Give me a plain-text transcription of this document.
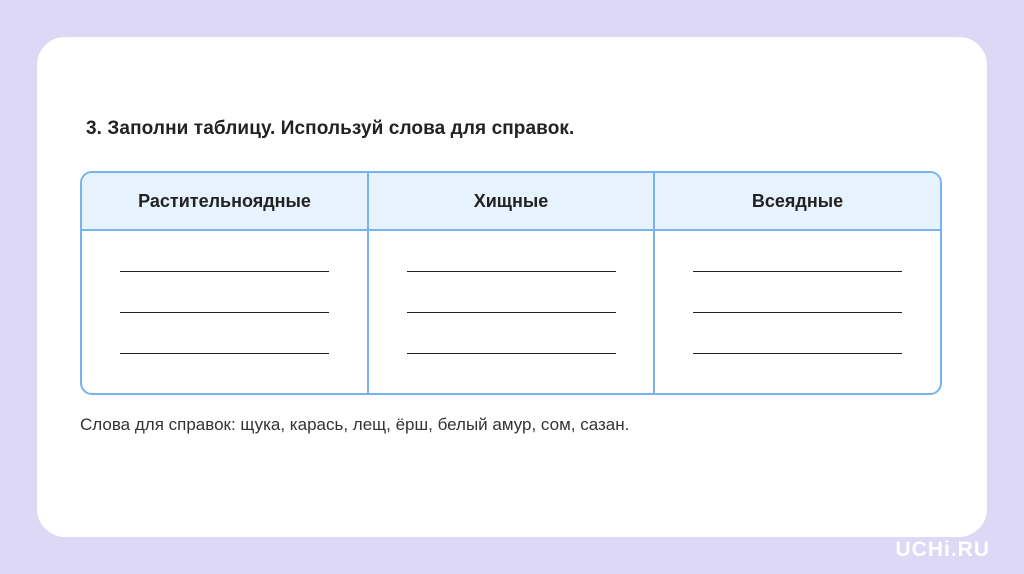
3. Заполни таблицу. Используй слова для справок.
Растительноядные	Хищные	Всеядные

Слова для справок: щука, карась, лещ, ёрш, белый амур, сом, сазан.

UCHi.RU
